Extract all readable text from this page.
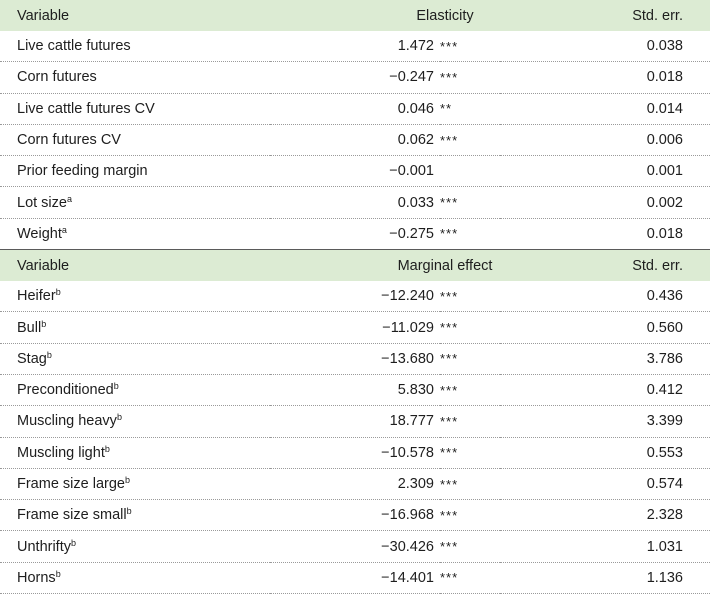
Variable	Elasticity		Std. err.
Live cattle futures	1.472	***	0.038
Corn futures	−0.247	***	0.018
Live cattle futures CV	0.046	**	0.014
Corn futures CV	0.062	***	0.006
Prior feeding margin	−0.001		0.001
Lot size$^a$	0.033	***	0.002
Weight$^a$	−0.275	***	0.018
Variable	Marginal effect		Std. err.
Heifer$^b$	−12.240	***	0.436
Bull$^b$	−11.029	***	0.560
Stag$^b$	−13.680	***	3.786
Preconditioned$^b$	5.830	***	0.412
Muscling heavy$^b$	18.777	***	3.399
Muscling light$^b$	−10.578	***	0.553
Frame size large$^b$	2.309	***	0.574
Frame size small$^b$	−16.968	***	2.328
Unthrifty$^b$	−30.426	***	1.031
Horns$^b$	−14.401	***	1.136
